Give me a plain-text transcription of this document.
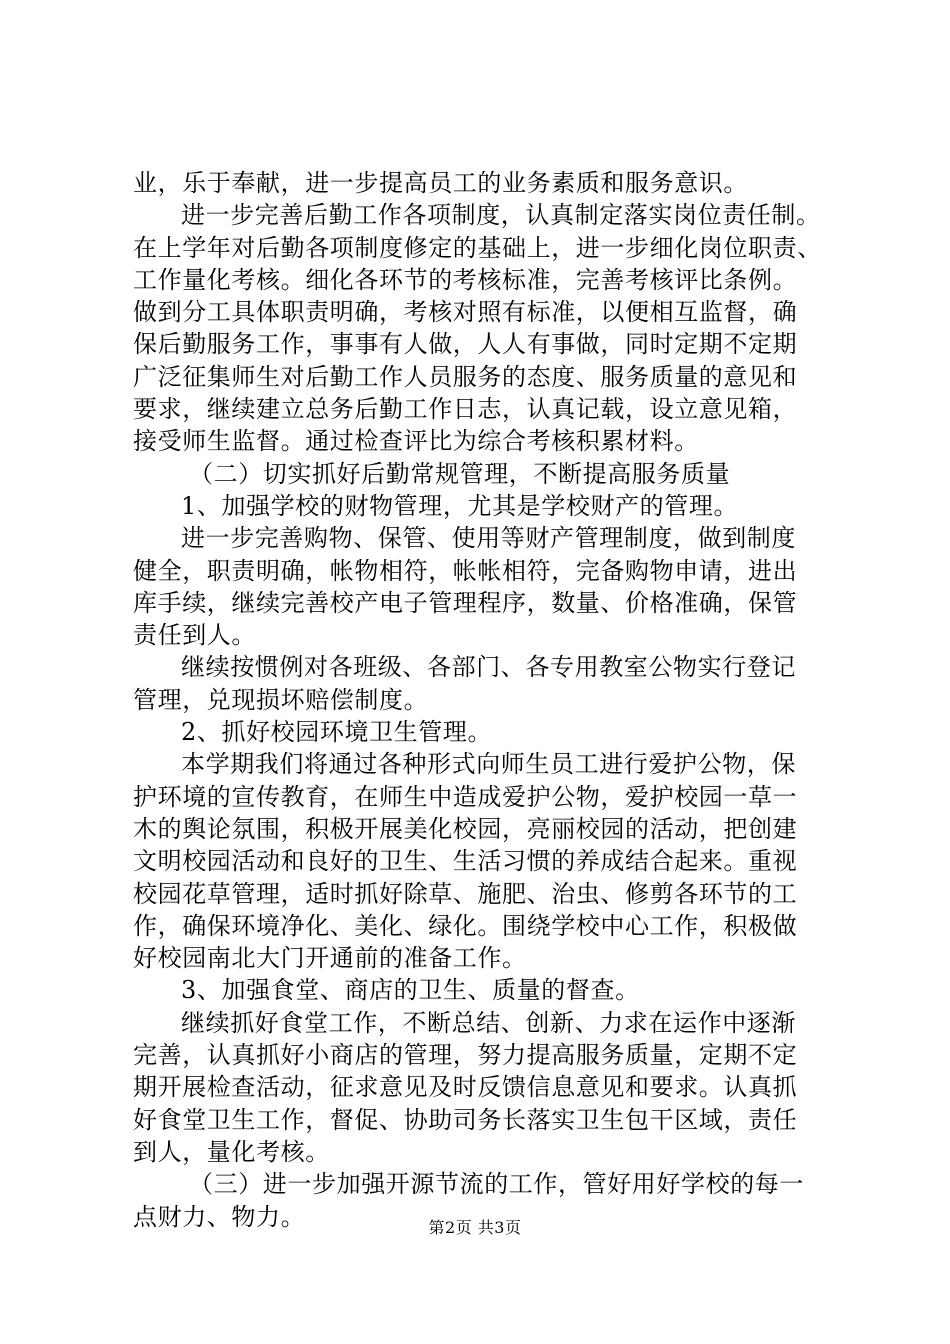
业，乐于奉献，进一步提高员工的业务素质和服务意识。
进一步完善后勤工作各项制度，认真制定落实岗位责任制。
在上学年对后勤各项制度修定的基础上，进一步细化岗位职责、
工作量化考核。细化各环节的考核标准，完善考核评比条例。
做到分工具体职责明确，考核对照有标准，以便相互监督，确
保后勤服务工作，事事有人做，人人有事做，同时定期不定期
广泛征集师生对后勤工作人员服务的态度、服务质量的意见和
要求，继续建立总务后勤工作日志，认真记载，设立意见箱，
接受师生监督。通过检查评比为综合考核积累材料。
（二）切实抓好后勤常规管理，不断提高服务质量
1、加强学校的财物管理，尤其是学校财产的管理。
进一步完善购物、保管、使用等财产管理制度，做到制度
健全，职责明确，帐物相符，帐帐相符，完备购物申请，进出
库手续，继续完善校产电子管理程序，数量、价格准确，保管
责任到人。
继续按惯例对各班级、各部门、各专用教室公物实行登记
管理，兑现损坏赔偿制度。
2、抓好校园环境卫生管理。
本学期我们将通过各种形式向师生员工进行爱护公物，保
护环境的宣传教育，在师生中造成爱护公物，爱护校园一草一
木的舆论氛围，积极开展美化校园，亮丽校园的活动，把创建
文明校园活动和良好的卫生、生活习惯的养成结合起来。重视
校园花草管理，适时抓好除草、施肥、治虫、修剪各环节的工
作，确保环境净化、美化、绿化。围绕学校中心工作，积极做
好校园南北大门开通前的准备工作。
3、加强食堂、商店的卫生、质量的督查。
继续抓好食堂工作，不断总结、创新、力求在运作中逐渐
完善，认真抓好小商店的管理，努力提高服务质量，定期不定
期开展检查活动，征求意见及时反馈信息意见和要求。认真抓
好食堂卫生工作，督促、协助司务长落实卫生包干区域，责任
到人，量化考核。
（三）进一步加强开源节流的工作，管好用好学校的每一
点财力、物力。	第2页 共3页
